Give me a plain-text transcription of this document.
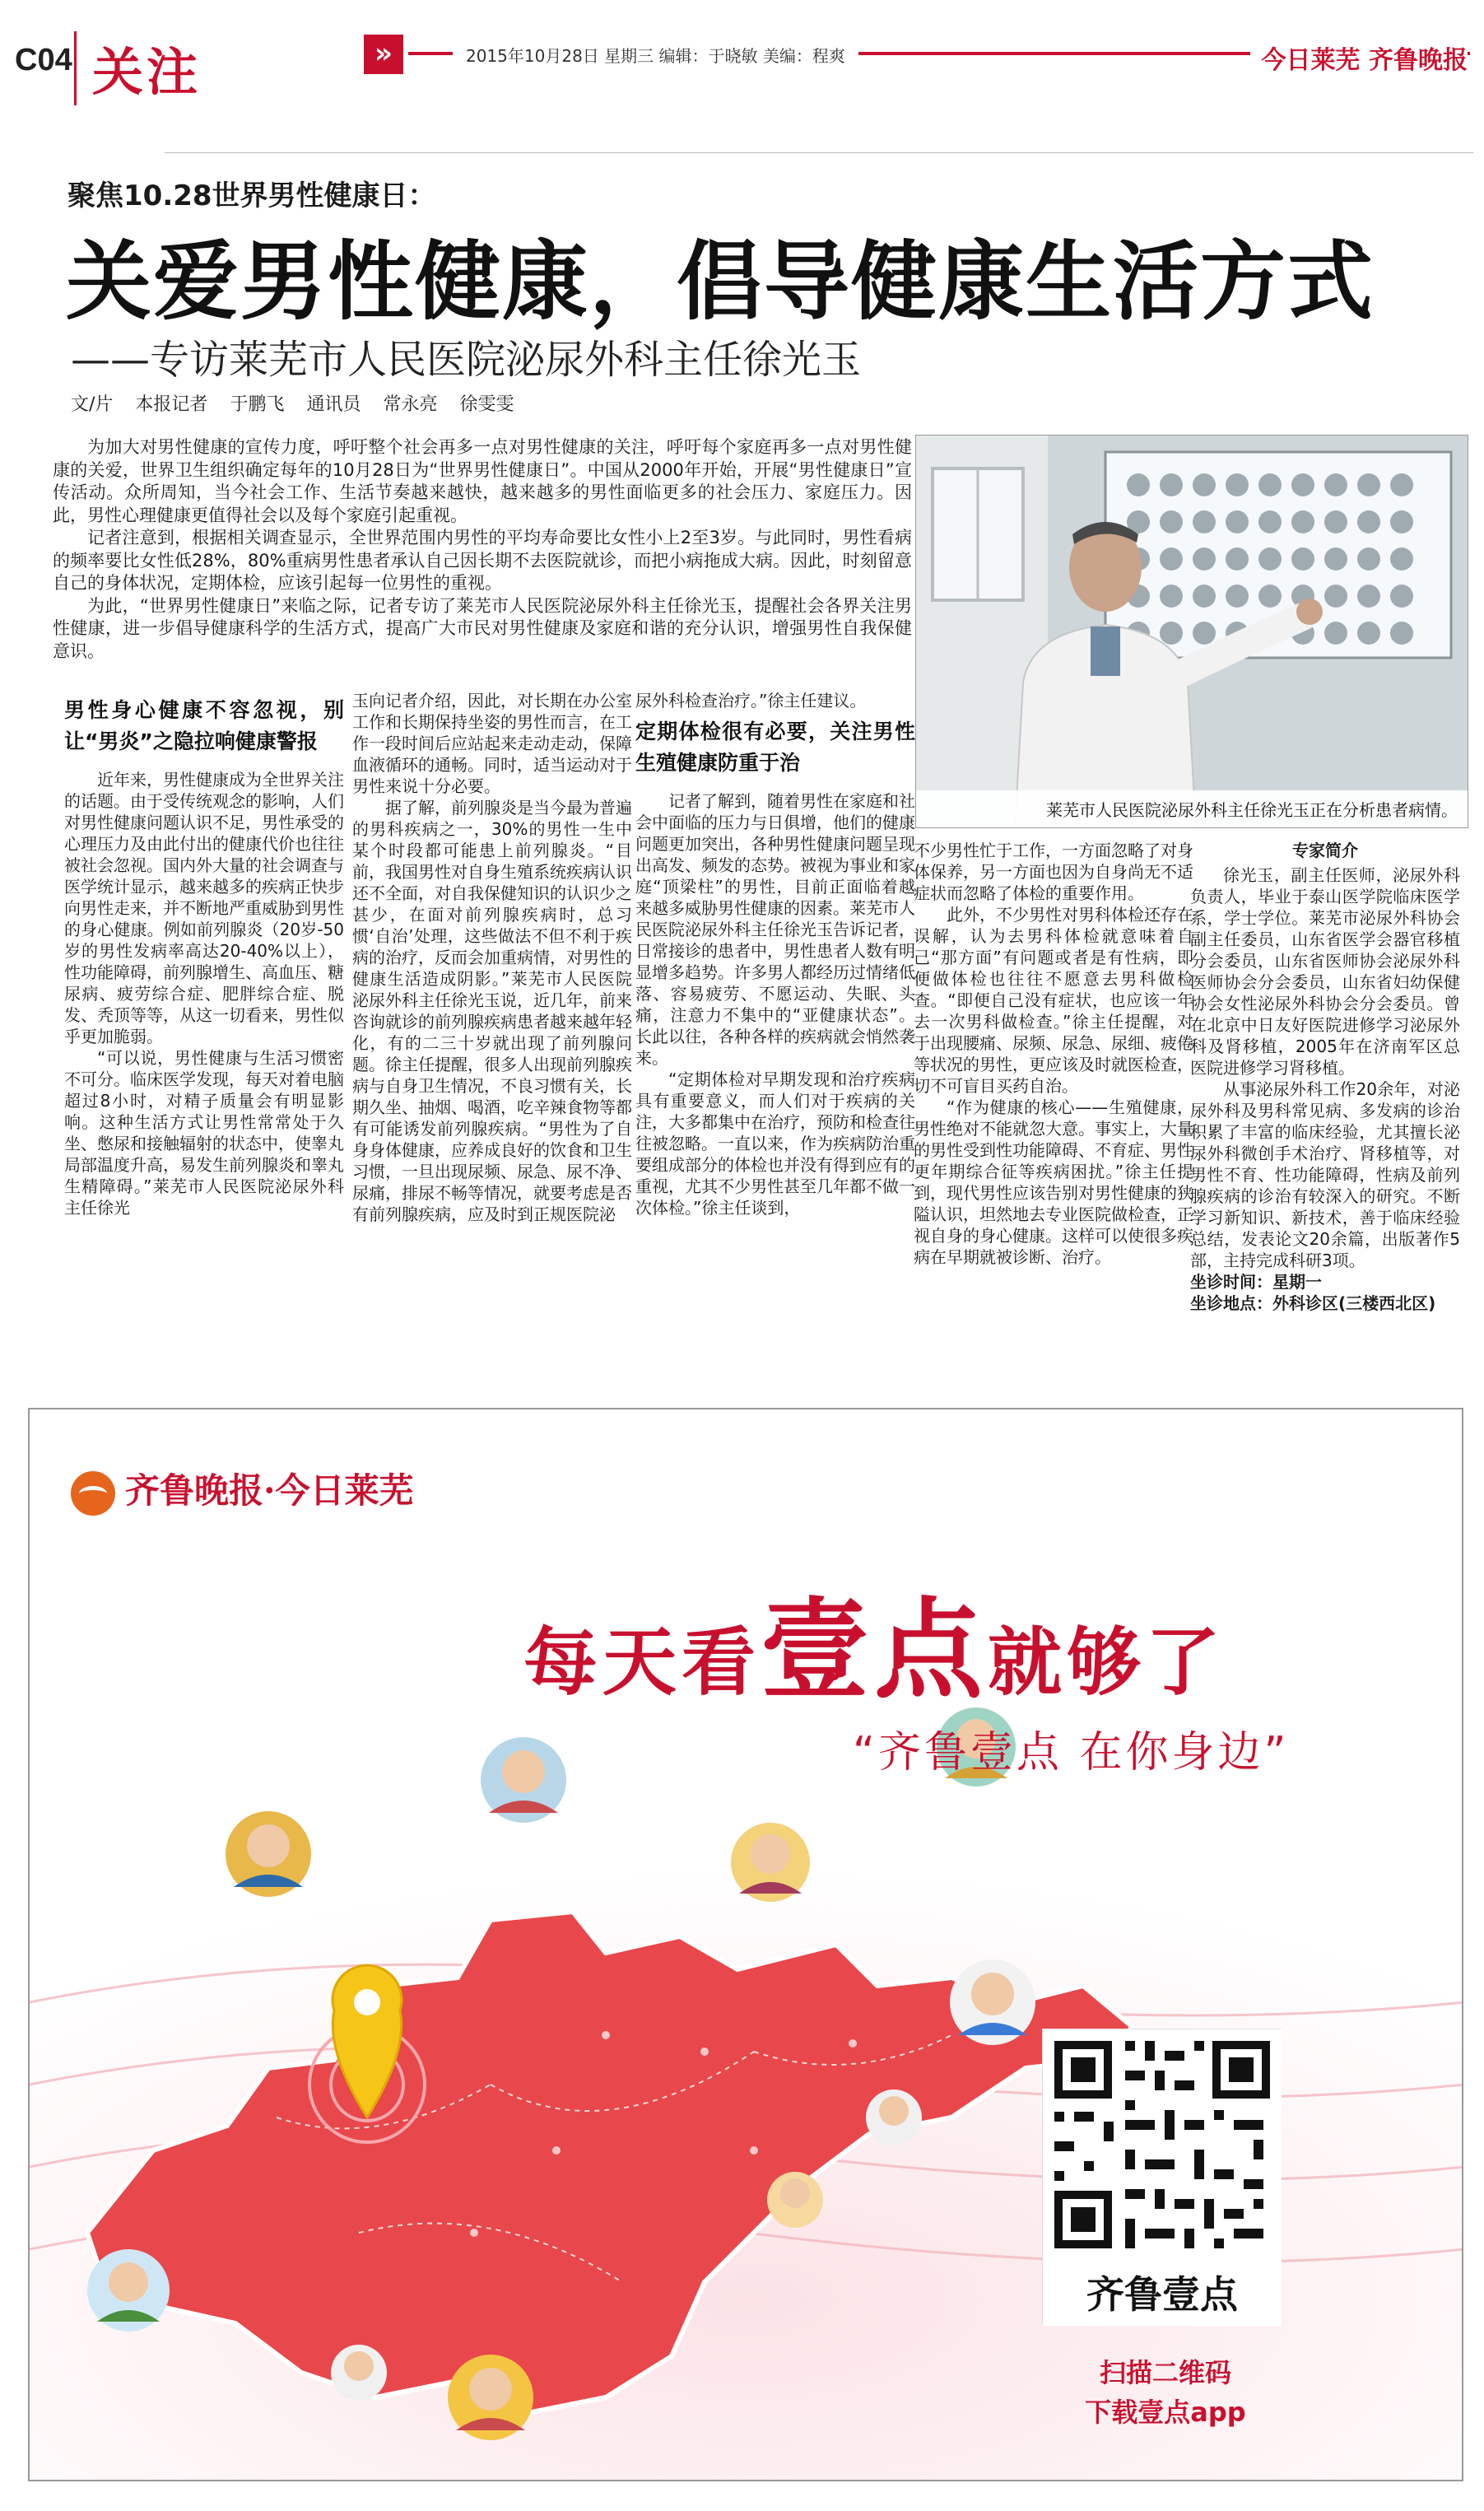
C04 关注	»	2015年10月28日 星期三 编辑：于晓敏 美编：程爽	今日莱芜 齐鲁晚报
聚焦10.28世界男性健康日：
关爱男性健康，倡导健康生活方式
——专访莱芜市人民医院泌尿外科主任徐光玉
文/片 本报记者 于鹏飞 通讯员 常永亮 徐雯雯

为加大对男性健康的宣传力度，呼吁整个社会再多一点对男性健康的关注，呼吁每个家庭再多一点对男性健康的关爱，世界卫生组织确定每年的10月28日为“世界男性健康日”。中国从2000年开始，开展“男性健康日”宣传活动。众所周知，当今社会工作、生活节奏越来越快，越来越多的男性面临更多的社会压力、家庭压力。因此，男性心理健康更值得社会以及每个家庭引起重视。

记者注意到，根据相关调查显示，全世界范围内男性的平均寿命要比女性小上2至3岁。与此同时，男性看病的频率要比女性低28%，80%重病男性患者承认自己因长期不去医院就诊，而把小病拖成大病。因此，时刻留意自己的身体状况，定期体检，应该引起每一位男性的重视。

为此，“世界男性健康日”来临之际，记者专访了莱芜市人民医院泌尿外科主任徐光玉，提醒社会各界关注男性健康，进一步倡导健康科学的生活方式，提高广大市民对男性健康及家庭和谐的充分认识，增强男性自我保健意识。

莱芜市人民医院泌尿外科主任徐光玉正在分析患者病情。
男性身心健康不容忽视，别让“男炎”之隐拉响健康警报

近年来，男性健康成为全世界关注的话题。由于受传统观念的影响，人们对男性健康问题认识不足，男性承受的心理压力及由此付出的健康代价也往往被社会忽视。国内外大量的社会调查与医学统计显示，越来越多的疾病正快步向男性走来，并不断地严重威胁到男性的身心健康。例如前列腺炎（20岁-50岁的男性发病率高达20-40%以上），性功能障碍，前列腺增生、高血压、糖尿病、疲劳综合症、肥胖综合症、脱发、秃顶等等，从这一切看来，男性似乎更加脆弱。

“可以说，男性健康与生活习惯密不可分。临床医学发现，每天对着电脑超过8小时，对精子质量会有明显影响。这种生活方式让男性常常处于久坐、憋尿和接触辐射的状态中，使睾丸局部温度升高，易发生前列腺炎和睾丸生精障碍。”莱芜市人民医院泌尿外科主任徐光

玉向记者介绍，因此，对长期在办公室工作和长期保持坐姿的男性而言，在工作一段时间后应站起来走动走动，保障血液循环的通畅。同时，适当运动对于男性来说十分必要。

据了解，前列腺炎是当今最为普遍的男科疾病之一，30%的男性一生中某个时段都可能患上前列腺炎。“目前，我国男性对自身生殖系统疾病认识还不全面，对自我保健知识的认识少之甚少，在面对前列腺疾病时，总习惯‘自治’处理，这些做法不但不利于疾病的治疗，反而会加重病情，对男性的健康生活造成阴影。”莱芜市人民医院泌尿外科主任徐光玉说，近几年，前来咨询就诊的前列腺疾病患者越来越年轻化，有的二三十岁就出现了前列腺问题。徐主任提醒，很多人出现前列腺疾病与自身卫生情况，不良习惯有关，长期久坐、抽烟、喝酒，吃辛辣食物等都有可能诱发前列腺疾病。“男性为了自身身体健康，应养成良好的饮食和卫生习惯，一旦出现尿频、尿急、尿不净、尿痛，排尿不畅等情况，就要考虑是否有前列腺疾病，应及时到正规医院泌

尿外科检查治疗。”徐主任建议。

定期体检很有必要，关注男性生殖健康防重于治

记者了解到，随着男性在家庭和社会中面临的压力与日俱增，他们的健康问题更加突出，各种男性健康问题呈现出高发、频发的态势。被视为事业和家庭“顶梁柱”的男性，目前正面临着越来越多威胁男性健康的因素。莱芜市人民医院泌尿外科主任徐光玉告诉记者，日常接诊的患者中，男性患者人数有明显增多趋势。许多男人都经历过情绪低落、容易疲劳、不愿运动、失眠、头痛，注意力不集中的“亚健康状态”。长此以往，各种各样的疾病就会悄然袭来。

“定期体检对早期发现和治疗疾病具有重要意义，而人们对于疾病的关注，大多都集中在治疗，预防和检查往往被忽略。一直以来，作为疾病防治重要组成部分的体检也并没有得到应有的重视，尤其不少男性甚至几年都不做一次体检。”徐主任谈到，

不少男性忙于工作，一方面忽略了对身体保养，另一方面也因为自身尚无不适症状而忽略了体检的重要作用。

此外，不少男性对男科体检还存在误解，认为去男科体检就意味着自己“那方面”有问题或者是有性病，即便做体检也往往不愿意去男科做检查。“即便自己没有症状，也应该一年去一次男科做检查。”徐主任提醒，对于出现腰痛、尿频、尿急、尿细、疲倦等状况的男性，更应该及时就医检查，切不可盲目买药自治。

“作为健康的核心——生殖健康，男性绝对不能就忽大意。事实上，大量的男性受到性功能障碍、不育症、男性更年期综合征等疾病困扰。”徐主任提到，现代男性应该告别对男性健康的狭隘认识，坦然地去专业医院做检查，正视自身的身心健康。这样可以使很多疾病在早期就被诊断、治疗。

专家简介

徐光玉，副主任医师，泌尿外科负责人，毕业于泰山医学院临床医学系，学士学位。莱芜市泌尿外科协会副主任委员，山东省医学会器官移植分会委员，山东省医师协会泌尿外科医师协会分会委员，山东省妇幼保健协会女性泌尿外科协会分会委员。曾在北京中日友好医院进修学习泌尿外科及肾移植，2005年在济南军区总医院进修学习肾移植。

从事泌尿外科工作20余年，对泌尿外科及男科常见病、多发病的诊治积累了丰富的临床经验，尤其擅长泌尿外科微创手术治疗、肾移植等，对男性不育、性功能障碍，性病及前列腺疾病的诊治有较深入的研究。不断学习新知识、新技术，善于临床经验总结，发表论文20余篇，出版著作5部，主持完成科研3项。

坐诊时间：星期一

坐诊地点：外科诊区(三楼西北区)

齐鲁晚报·今日莱芜
每天看壹点就够了
“齐鲁壹点 在你身边”
齐鲁壹点
扫描二维码
下载壹点app
